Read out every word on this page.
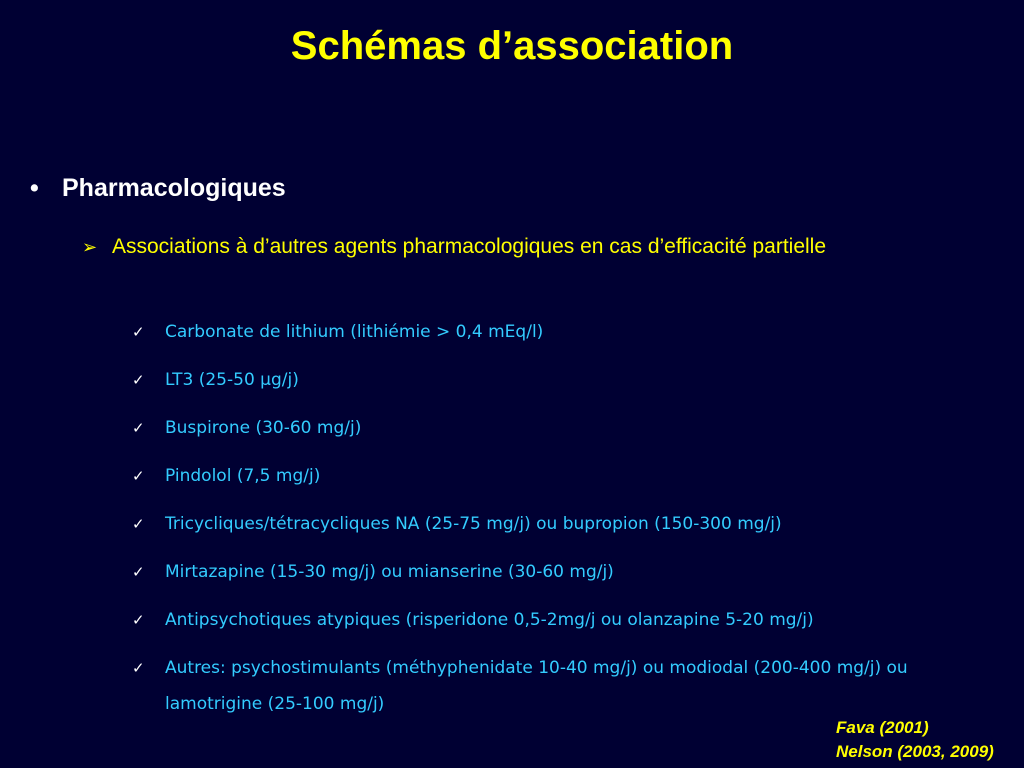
Schémas d’association
• Pharmacologiques
➢ Associations à d’autres agents pharmacologiques en cas d’efficacité partielle
✓	Carbonate de lithium (lithiémie > 0,4 mEq/l)
✓	LT3 (25-50 µg/j)
✓	Buspirone (30-60 mg/j)
✓	Pindolol (7,5 mg/j)
✓	Tricycliques/tétracycliques NA (25-75 mg/j) ou bupropion (150-300 mg/j)
✓	Mirtazapine (15-30 mg/j) ou mianserine (30-60 mg/j)
✓	Antipsychotiques atypiques (risperidone 0,5-2mg/j ou olanzapine 5-20 mg/j)
✓	Autres: psychostimulants (méthyphenidate 10-40 mg/j) ou modiodal (200-400 mg/j) ou lamotrigine (25-100 mg/j)
Fava (2001)
Nelson (2003, 2009)
